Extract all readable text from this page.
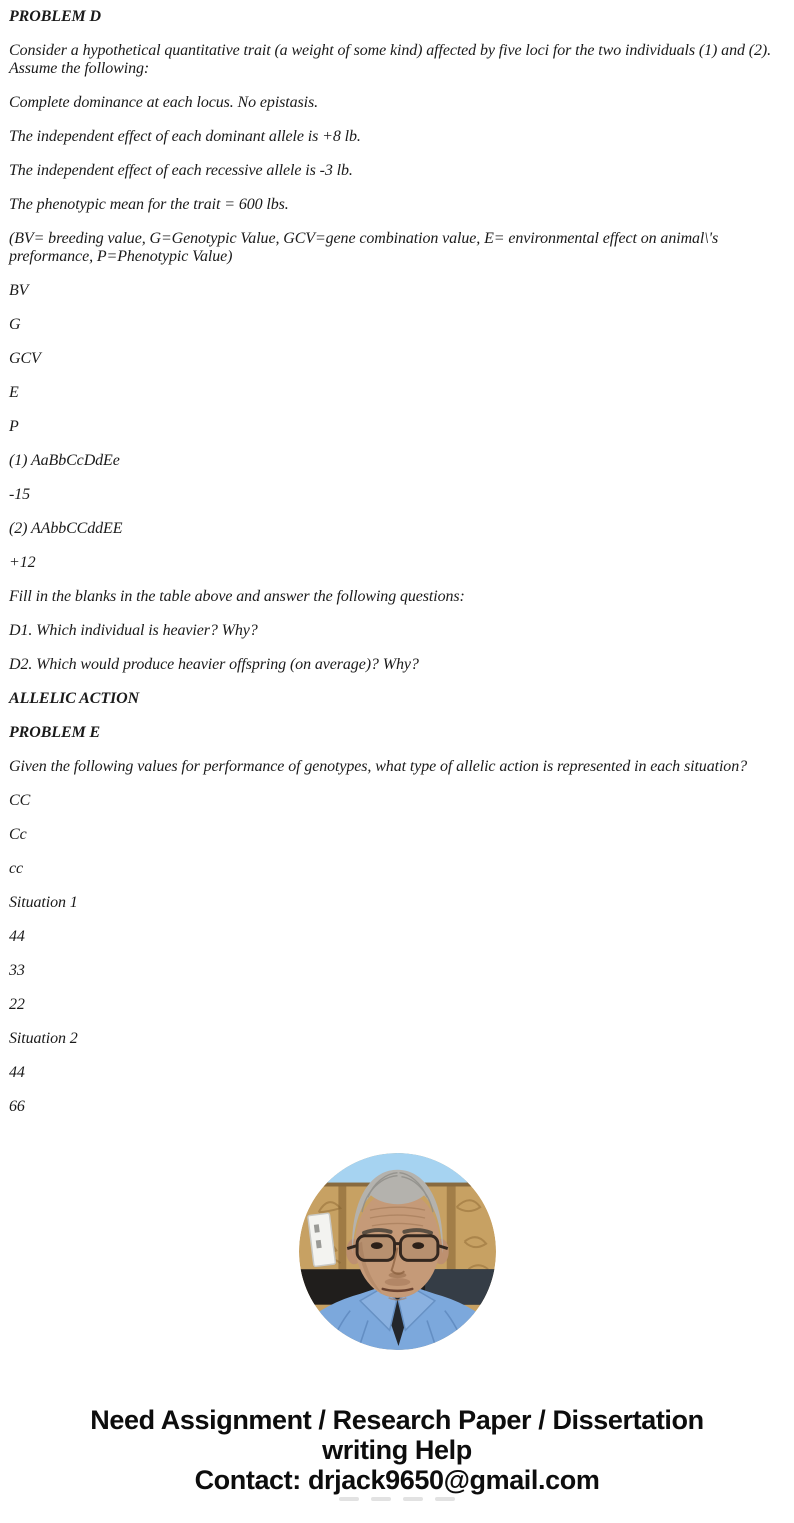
PROBLEM D

Consider a hypothetical quantitative trait (a weight of some kind) affected by five loci for the two individuals (1) and (2).
Assume the following:

Complete dominance at each locus. No epistasis.

The independent effect of each dominant allele is +8 lb.

The independent effect of each recessive allele is -3 lb.

The phenotypic mean for the trait = 600 lbs.

(BV= breeding value, G=Genotypic Value, GCV=gene combination value, E= environmental effect on animal\'s
preformance, P=Phenotypic Value)

BV

G

GCV

E

P

(1) AaBbCcDdEe

-15

(2) AAbbCCddEE

+12

Fill in the blanks in the table above and answer the following questions:

D1. Which individual is heavier? Why?

D2. Which would produce heavier offspring (on average)? Why?

ALLELIC ACTION

PROBLEM E

Given the following values for performance of genotypes, what type of allelic action is represented in each situation?

CC

Cc

cc

Situation 1

44

33

22

Situation 2

44

66

Need Assignment / Research Paper / Dissertation
writing Help
Contact: drjack9650@gmail.com
